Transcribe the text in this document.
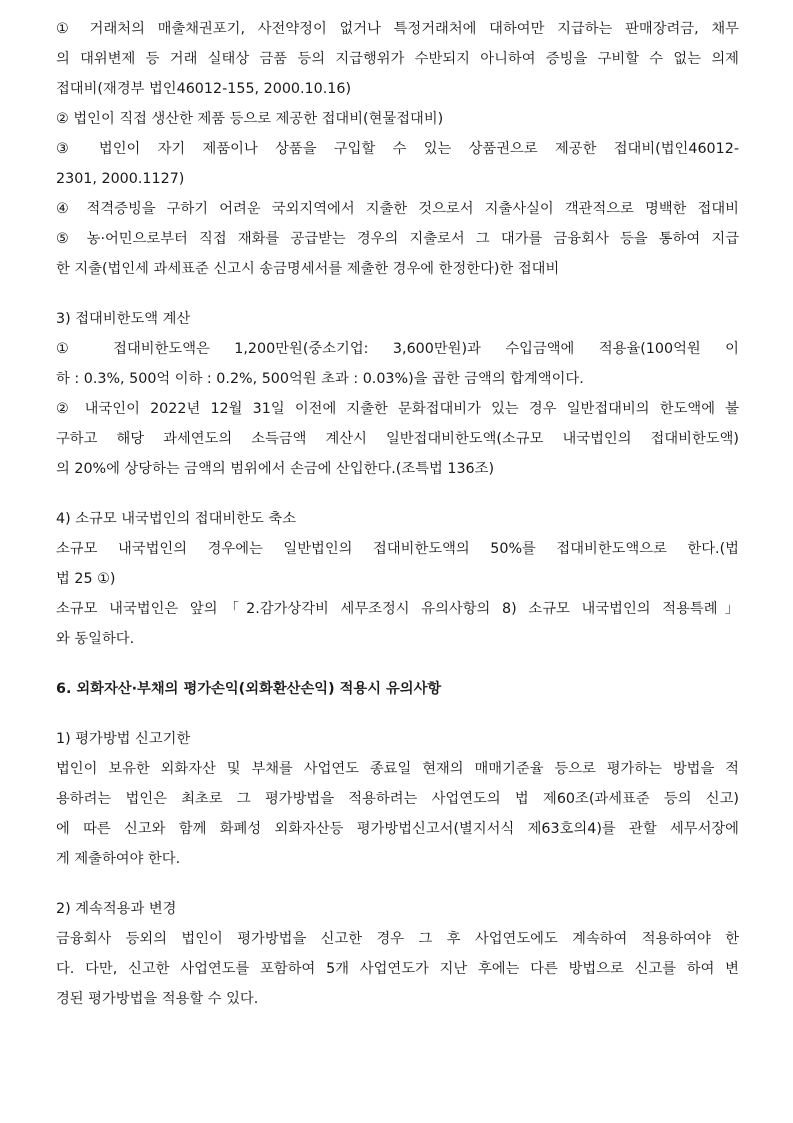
① 거래처의 매출채권포기, 사전약정이 없거나 특정거래처에 대하여만 지급하는 판매장려금, 채무
의 대위변제 등 거래 실태상 금품 등의 지급행위가 수반되지 아니하여 증빙을 구비할 수 없는 의제
접대비(재경부 법인46012-155, 2000.10.16)
② 법인이 직접 생산한 제품 등으로 제공한 접대비(현물접대비)
③ 법인이 자기 제품이나 상품을 구입할 수 있는 상품권으로 제공한 접대비(법인46012-
2301, 2000.1127)
④ 적격증빙을 구하기 어려운 국외지역에서 지출한 것으로서 지출사실이 객관적으로 명백한 접대비
⑤ 농·어민으로부터 직접 재화를 공급받는 경우의 지출로서 그 대가를 금융회사 등을 통하여 지급
한 지출(법인세 과세표준 신고시 송금명세서를 제출한 경우에 한정한다)한 접대비
3) 접대비한도액 계산
① 접대비한도액은 1,200만원(중소기업: 3,600만원)과 수입금액에 적용율(100억원 이
하 : 0.3%, 500억 이하 : 0.2%, 500억원 초과 : 0.03%)을 곱한 금액의 합계액이다.
② 내국인이 2022년 12월 31일 이전에 지출한 문화접대비가 있는 경우 일반접대비의 한도액에 불
구하고 해당 과세연도의 소득금액 계산시 일반접대비한도액(소규모 내국법인의 접대비한도액)
의 20%에 상당하는 금액의 범위에서 손금에 산입한다.(조특법 136조)
4) 소규모 내국법인의 접대비한도 축소
소규모 내국법인의 경우에는 일반법인의 접대비한도액의 50%를 접대비한도액으로 한다.(법
법 25 ①)
소규모 내국법인은 앞의「2.감가상각비 세무조정시 유의사항의 8) 소규모 내국법인의 적용특례」
와 동일하다.
6. 외화자산·부채의 평가손익(외화환산손익) 적용시 유의사항
1) 평가방법 신고기한
법인이 보유한 외화자산 및 부채를 사업연도 종료일 현재의 매매기준율 등으로 평가하는 방법을 적
용하려는 법인은 최초로 그 평가방법을 적용하려는 사업연도의 법 제60조(과세표준 등의 신고)
에 따른 신고와 함께 화폐성 외화자산등 평가방법신고서(별지서식 제63호의4)를 관할 세무서장에
게 제출하여야 한다.
2) 계속적용과 변경
금융회사 등외의 법인이 평가방법을 신고한 경우 그 후 사업연도에도 계속하여 적용하여야 한
다. 다만, 신고한 사업연도를 포함하여 5개 사업연도가 지난 후에는 다른 방법으로 신고를 하여 변
경된 평가방법을 적용할 수 있다.
